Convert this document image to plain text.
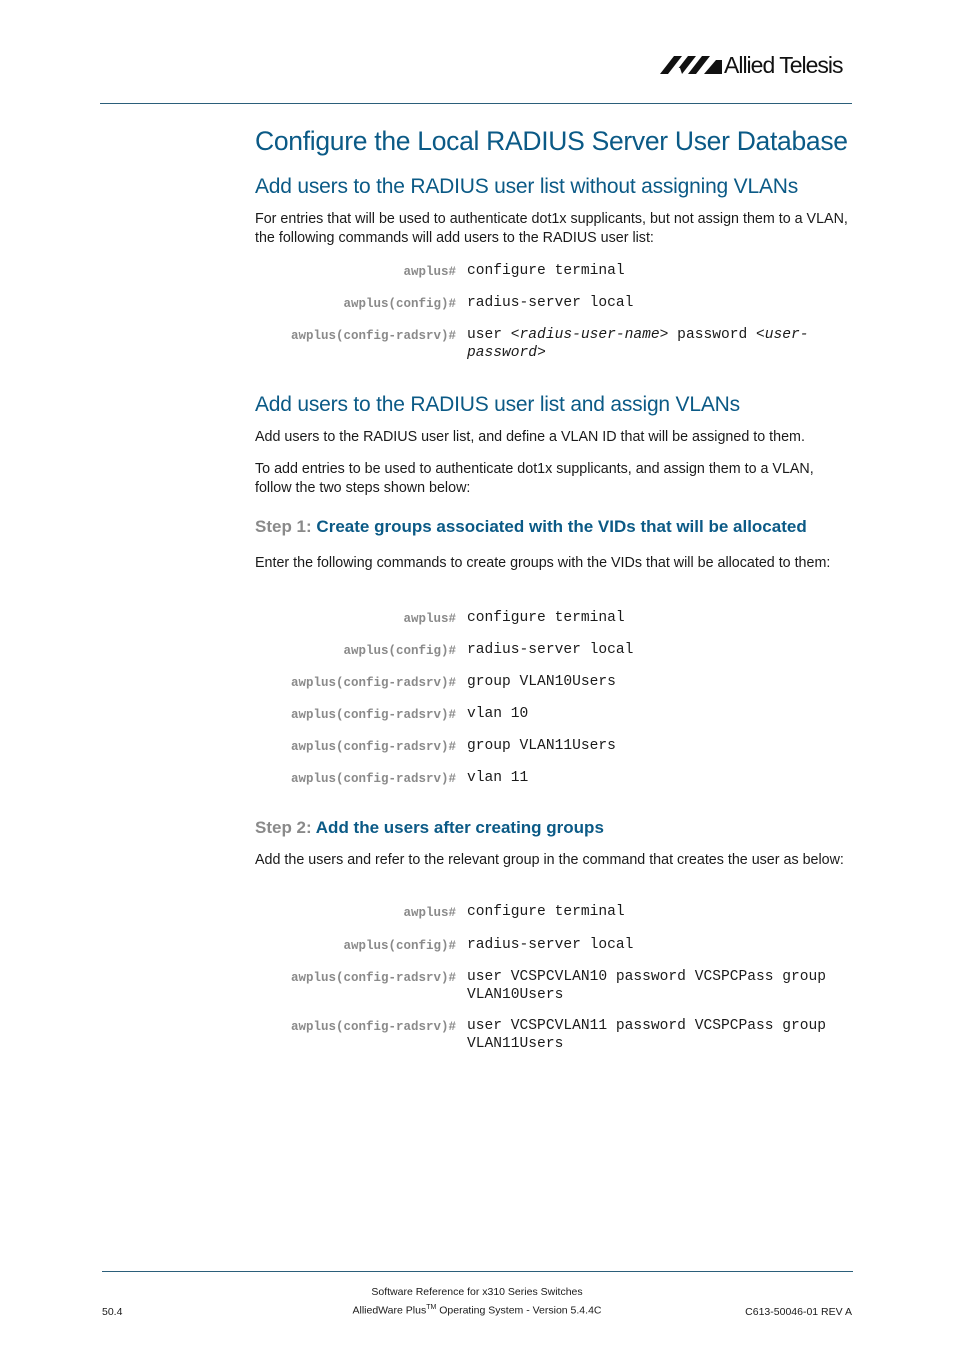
Allied Telesis
Configure the Local RADIUS Server User Database
Add users to the RADIUS user list without assigning VLANs

For entries that will be used to authenticate dot1x supplicants, but not assign them to a VLAN, the following commands will add users to the RADIUS user list:

awplus# configure terminal
awplus(config)# radius-server local
awplus(config-radsrv)# user <radius-user-name> password <user-password>
Add users to the RADIUS user list and assign VLANs

Add users to the RADIUS user list, and define a VLAN ID that will be assigned to them.

To add entries to be used to authenticate dot1x supplicants, and assign them to a VLAN, follow the two steps shown below:

Step 1: Create groups associated with the VIDs that will be allocated

Enter the following commands to create groups with the VIDs that will be allocated to them:

awplus# configure terminal
awplus(config)# radius-server local
awplus(config-radsrv)# group VLAN10Users
awplus(config-radsrv)# vlan 10
awplus(config-radsrv)# group VLAN11Users
awplus(config-radsrv)# vlan 11
Step 2: Add the users after creating groups

Add the users and refer to the relevant group in the command that creates the user as below:

awplus# configure terminal
awplus(config)# radius-server local
awplus(config-radsrv)# user VCSPCVLAN10 password VCSPCPass group VLAN10Users
awplus(config-radsrv)# user VCSPCVLAN11 password VCSPCPass group VLAN11Users
Software Reference for x310 Series Switches
AlliedWare Plus™ Operating System - Version 5.4.4C
50.4	C613-50046-01 REV A
